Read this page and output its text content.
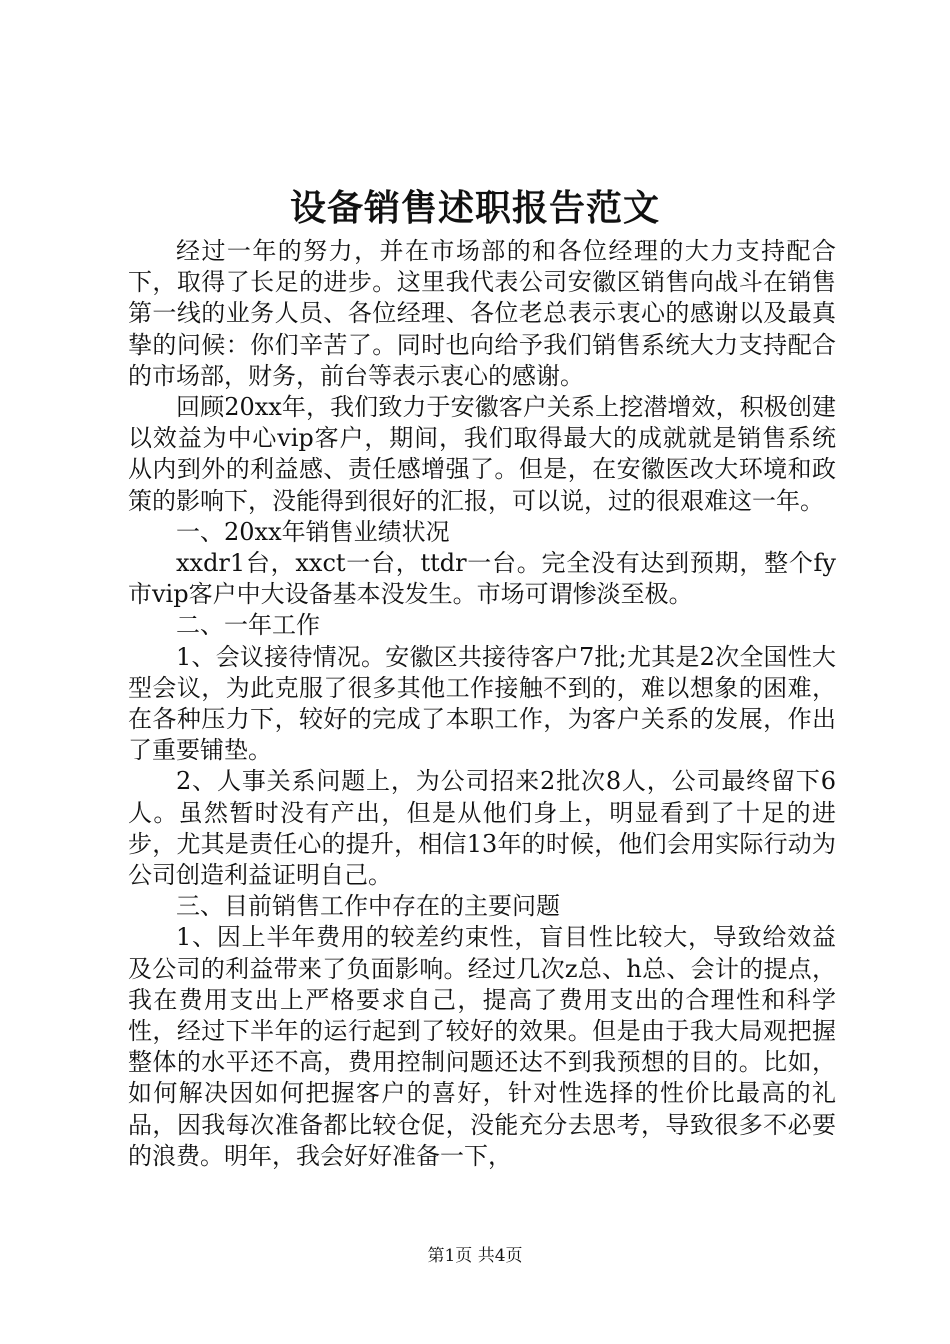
设备销售述职报告范文

经过一年的努力，并在市场部的和各位经理的大力支持配合下，取得了长足的进步。这里我代表公司安徽区销售向战斗在销售第一线的业务人员、各位经理、各位老总表示衷心的感谢以及最真挚的问候：你们辛苦了。同时也向给予我们销售系统大力支持配合的市场部，财务，前台等表示衷心的感谢。

回顾20xx年，我们致力于安徽客户关系上挖潜增效，积极创建以效益为中心vip客户，期间，我们取得最大的成就就是销售系统从内到外的利益感、责任感增强了。但是，在安徽医改大环境和政策的影响下，没能得到很好的汇报，可以说，过的很艰难这一年。

一、20xx年销售业绩状况

xxdr1台，xxct一台，ttdr一台。完全没有达到预期，整个fy市vip客户中大设备基本没发生。市场可谓惨淡至极。

二、一年工作

1、会议接待情况。安徽区共接待客户7批;尤其是2次全国性大型会议，为此克服了很多其他工作接触不到的，难以想象的困难，在各种压力下，较好的完成了本职工作，为客户关系的发展，作出了重要铺垫。

2、人事关系问题上，为公司招来2批次8人，公司最终留下6人。虽然暂时没有产出，但是从他们身上，明显看到了十足的进步，尤其是责任心的提升，相信13年的时候，他们会用实际行动为公司创造利益证明自己。

三、目前销售工作中存在的主要问题

1、因上半年费用的较差约束性，盲目性比较大，导致给效益及公司的利益带来了负面影响。经过几次z总、h总、会计的提点，我在费用支出上严格要求自己，提高了费用支出的合理性和科学性，经过下半年的运行起到了较好的效果。但是由于我大局观把握整体的水平还不高，费用控制问题还达不到我预想的目的。比如，如何解决因如何把握客户的喜好，针对性选择的性价比最高的礼品，因我每次准备都比较仓促，没能充分去思考，导致很多不必要的浪费。明年，我会好好准备一下，

第1页 共4页
